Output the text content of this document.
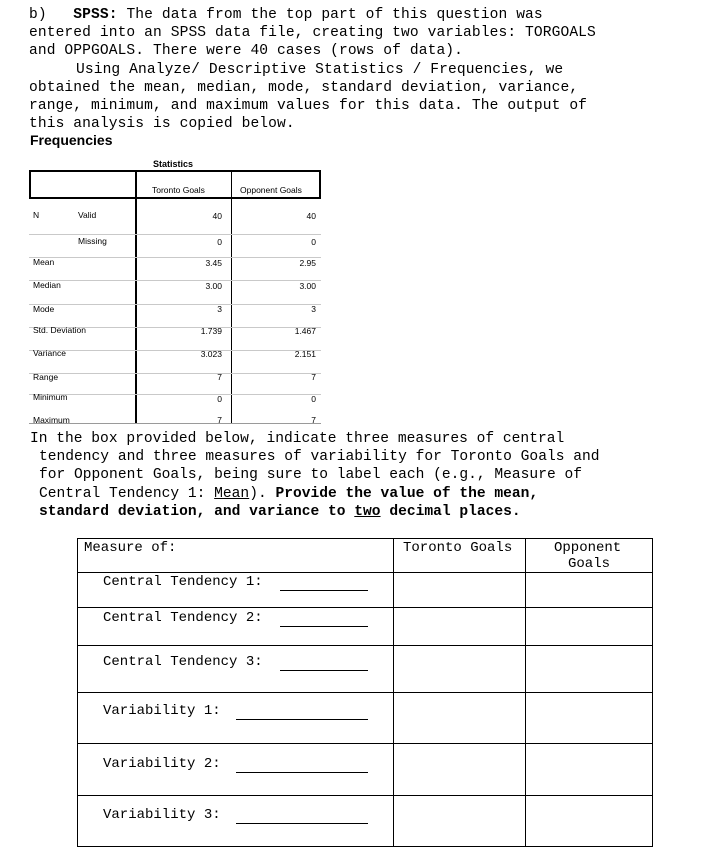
b) SPSS: The data from the top part of this question was

entered into an SPSS data file, creating two variables: TORGOALS

and OPPGOALS. There were 40 cases (rows of data).

Using Analyze/ Descriptive Statistics / Frequencies, we

obtained the mean, median, mode, standard deviation, variance,

range, minimum, and maximum values for this data. The output of

this analysis is copied below.

Frequencies
Statistics
Toronto Goals	Opponent Goals
N	Valid	40	40
Missing	0	0
Mean	3.45	2.95
Median	3.00	3.00
Mode	3	3
Std. Deviation	1.739	1.467
Variance	3.023	2.151
Range	7	7
Minimum	0	0
Maximum	7	7

In the box provided below, indicate three measures of central

tendency and three measures of variability for Toronto Goals and

for Opponent Goals, being sure to label each (e.g., Measure of

Central Tendency 1: Mean). Provide the value of the mean,

standard deviation, and variance to two decimal places.

Measure of:	Toronto Goals	Opponent
Goals
Central Tendency 1:
Central Tendency 2:
Central Tendency 3:
Variability 1:
Variability 2:
Variability 3:
